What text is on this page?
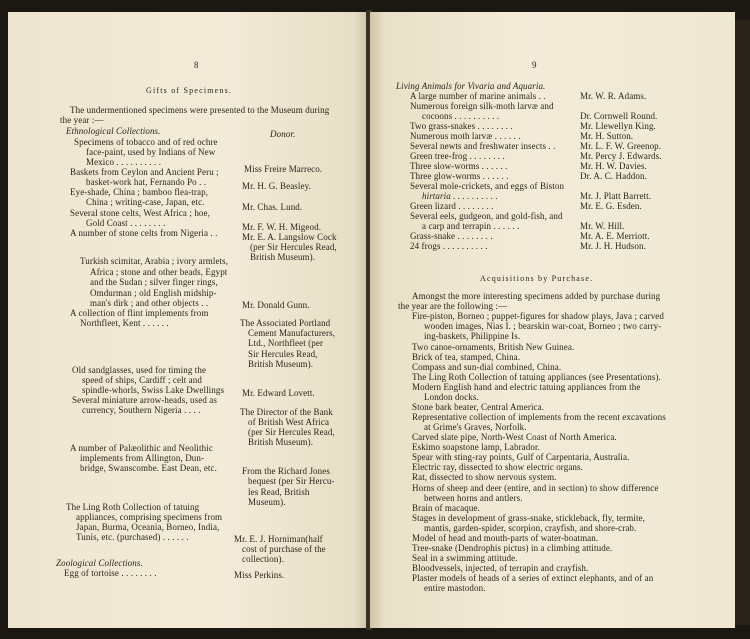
8
Gifts of Specimens.
The undermentioned specimens were presented to the Museum during
the year :—
Ethnological Collections.	Donor.
Specimens of tobacco and of red ochre
face-paint, used by Indians of New
Mexico . . . . . . . . . .
Baskets from Ceylon and Ancient Peru ;
basket-work hat, Fernando Po . .
Eye-shade, China ; bamboo flea-trap,
China ; writing-case, Japan, etc.
Several stone celts, West Africa ; hoe,
Gold Coast . . . . . . . .
A number of stone celts from Nigeria . .
Turkish scimitar, Arabia ; ivory armlets,
Africa ; stone and other beads, Egypt
and the Sudan ; silver finger rings,
Omdurman ; old English midship-
man's dirk ; and other objects . .
A collection of flint implements from
Northfleet, Kent . . . . . .
Old sandglasses, used for timing the
speed of ships, Cardiff ; celt and
spindle-whorls, Swiss Lake Dwellings
Several miniature arrow-heads, used as
currency, Southern Nigeria . . . .
A number of Palæolithic and Neolithic
implements from Allington, Dun-
bridge, Swanscombe. East Dean, etc.
The Ling Roth Collection of tatuing
appliances, comprising specimens from
Japan, Burma, Oceania, Borneo, India,
Tunis, etc. (purchased) . . . . . .
Zoological Collections.
Egg of tortoise . . . . . . . .
Miss Freire Marreco.
Mr. H. G. Beasley.
Mr. Chas. Lund.
Mr. F. W. H. Migeod.
Mr. E. A. Langslow Cock
(per Sir Hercules Read,
British Museum).
Mr. Donald Gunn.
The Associated Portland
Cement Manufacturers,
Ltd., Northfleet (per
Sir Hercules Read,
British Museum).
Mr. Edward Lovett.
The Director of the Bank
of British West Africa
(per Sir Hercules Read,
British Museum).
From the Richard Jones
bequest (per Sir Hercu-
les Read, British
Museum).
Mr. E. J. Horniman(half
cost of purchase of the
collection).
Miss Perkins.
9
Living Animals for Vivaria and Aquaria.
A large number of marine animals . .
Numerous foreign silk-moth larvæ and
cocoons . . . . . . . . . .
Two grass-snakes . . . . . . . .
Numerous moth larvæ . . . . . .
Several newts and freshwater insects . .
Green tree-frog . . . . . . . .
Three slow-worms . . . . . .
Three glow-worms . . . . . .
Several mole-crickets, and eggs of Biston
hirtaria . . . . . . . . . .
Green lizard . . . . . . . .
Several eels, gudgeon, and gold-fish, and
a carp and terrapin . . . . . .
Grass-snake . . . . . . . .
24 frogs . . . . . . . . . .
Mr. W. R. Adams.
Dr. Cornwell Round.
Mr. Llewellyn King.
Mr. H. Sutton.
Mr. L. F. W. Greenop.
Mr. Percy J. Edwards.
Mr. H. W. Davies.
Dr. A. C. Haddon.
Mr. J. Platt Barrett.
Mr. E. G. Esden.
Mr. W. Hill.
Mr. A. E. Merriott.
Mr. J. H. Hudson.
Acquisitions by Purchase.
Amongst the more interesting specimens added by purchase during
the year are the following :—
Fire-piston, Borneo ; puppet-figures for shadow plays, Java ; carved
wooden images, Nias I. ; bearskin war-coat, Borneo ; two carry-
ing-baskets, Philippine Is.
Two canoe-ornaments, British New Guinea.
Brick of tea, stamped, China.
Compass and sun-dial combined, China.
The Ling Roth Collection of tatuing appliances (see Presentations).
Modern English hand and electric tatuing appliances from the
London docks.
Stone bark beater, Central America.
Representative collection of implements from the recent excavations
at Grime's Graves, Norfolk.
Carved slate pipe, North-West Coast of North America.
Eskimo soapstone lamp, Labrador.
Spear with sting-ray points, Gulf of Carpentaria, Australia.
Electric ray, dissected to show electric organs.
Rat, dissected to show nervous system.
Horns of sheep and deer (entire, and in section) to show difference
between horns and antlers.
Brain of macaque.
Stages in development of grass-snake, stickleback, fly, termite,
mantis, garden-spider, scorpion, crayfish, and shore-crab.
Model of head and mouth-parts of water-boatman.
Tree-snake (Dendrophis pictus) in a climbing attitude.
Seal in a swimming attitude.
Bloodvessels, injected, of terrapin and crayfish.
Plaster models of heads of a series of extinct elephants, and of an
entire mastodon.
